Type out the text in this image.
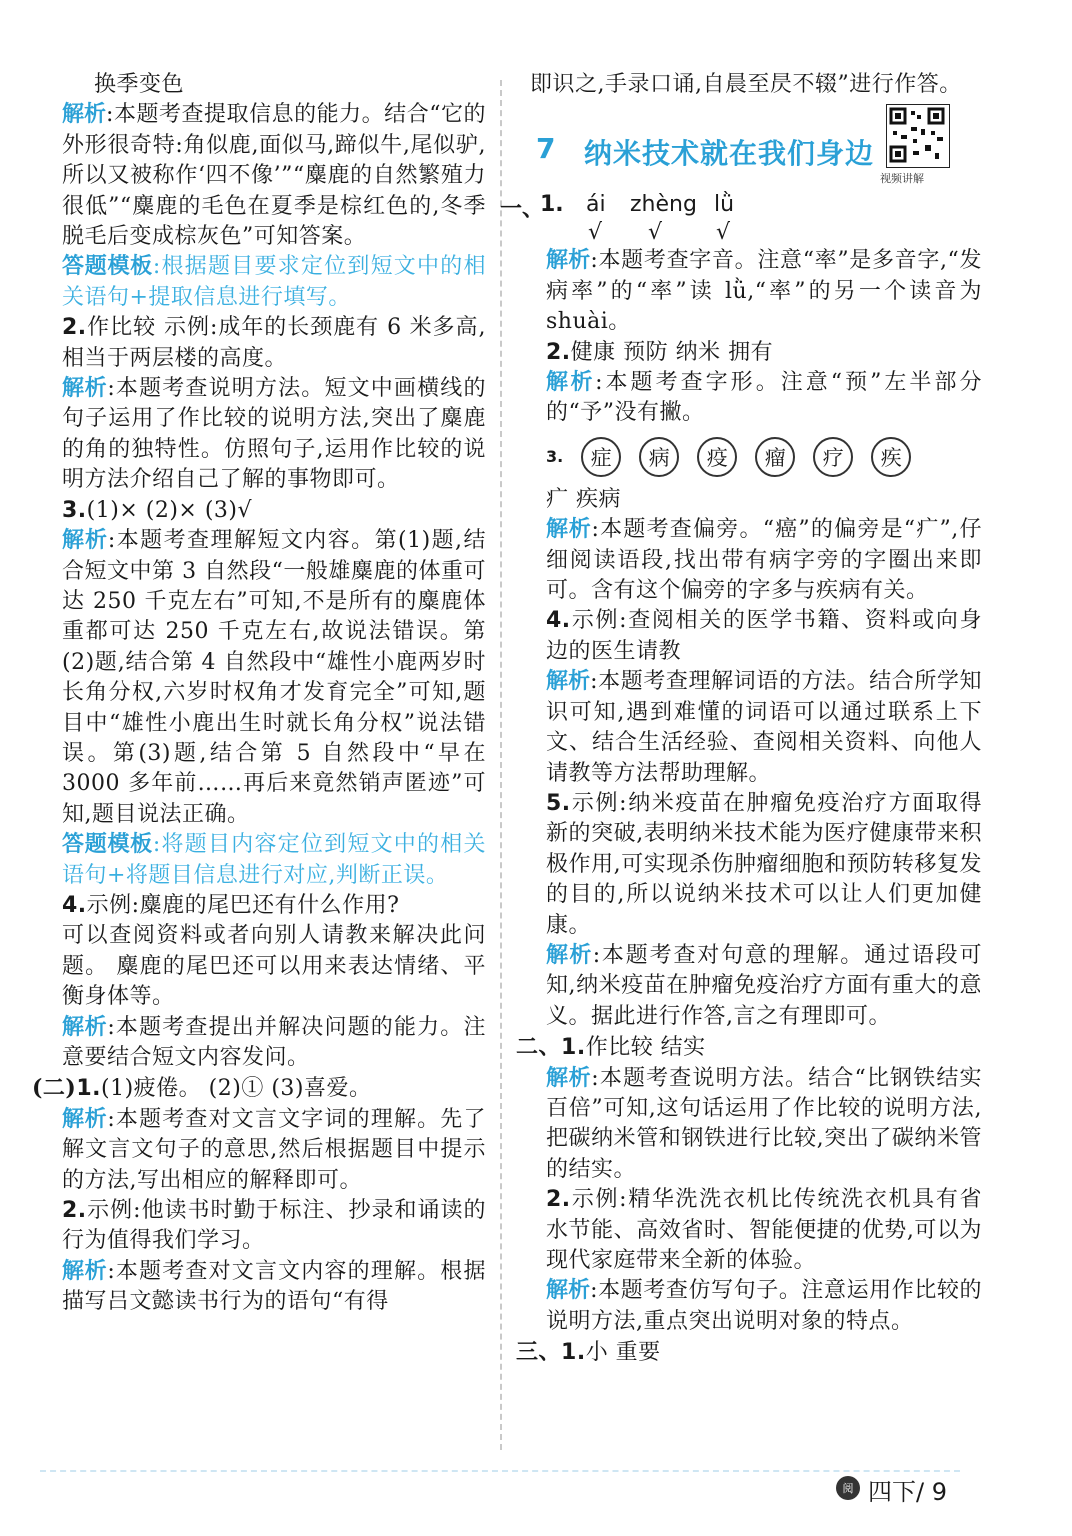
换季变色

解析:本题考查提取信息的能力。结合“它的外形很奇特:角似鹿,面似马,蹄似牛,尾似驴,所以又被称作‘四不像’”“麋鹿的自然繁殖力很低”“麋鹿的毛色在夏季是棕红色的,冬季脱毛后变成棕灰色”可知答案。

答题模板:根据题目要求定位到短文中的相关语句+提取信息进行填写。

2.作比较 示例:成年的长颈鹿有 6 米多高,相当于两层楼的高度。

解析:本题考查说明方法。短文中画横线的句子运用了作比较的说明方法,突出了麋鹿的角的独特性。仿照句子,运用作比较的说明方法介绍自己了解的事物即可。

3.(1)× (2)× (3)√

解析:本题考查理解短文内容。第(1)题,结合短文中第 3 自然段“一般雄麋鹿的体重可达 250 千克左右”可知,不是所有的麋鹿体重都可达 250 千克左右,故说法错误。第(2)题,结合第 4 自然段中“雄性小鹿两岁时长角分权,六岁时权角才发育完全”可知,题目中“雄性小鹿出生时就长角分权”说法错误。第(3)题,结合第 5 自然段中“早在 3000 多年前……再后来竟然销声匿迹”可知,题目说法正确。

答题模板:将题目内容定位到短文中的相关语句+将题目信息进行对应,判断正误。

4.示例:麋鹿的尾巴还有什么作用?

可以查阅资料或者向别人请教来解决此问题。 麋鹿的尾巴还可以用来表达情绪、平衡身体等。

解析:本题考查提出并解决问题的能力。注意要结合短文内容发问。

(二)1.(1)疲倦。 (2)① (3)喜爱。

解析:本题考查对文言文字词的理解。先了解文言文句子的意思,然后根据题目中提示的方法,写出相应的解释即可。

2.示例:他读书时勤于标注、抄录和诵读的行为值得我们学习。

解析:本题考查对文言文内容的理解。根据描写吕文懿读书行为的语句“有得

即识之,手录口诵,自晨至昃不辍”进行作答。

7 纳米技术就在我们身边
视频讲解
一、
1. ái zhèng lǜ
√ √ √

解析:本题考查字音。注意“率”是多音字,“发病率”的“率”读 lǜ,“率”的另一个读音为 shuài。

2.健康 预防 纳米 拥有

解析:本题考查字形。注意“预”左半部分的“予”没有撇。

3.	症	病	疫	瘤	疗	疾

疒 疾病

解析:本题考查偏旁。“癌”的偏旁是“疒”,仔细阅读语段,找出带有病字旁的字圈出来即可。含有这个偏旁的字多与疾病有关。

4.示例:查阅相关的医学书籍、资料或向身边的医生请教

解析:本题考查理解词语的方法。结合所学知识可知,遇到难懂的词语可以通过联系上下文、结合生活经验、查阅相关资料、向他人请教等方法帮助理解。

5.示例:纳米疫苗在肿瘤免疫治疗方面取得新的突破,表明纳米技术能为医疗健康带来积极作用,可实现杀伤肿瘤细胞和预防转移复发的目的,所以说纳米技术可以让人们更加健康。

解析:本题考查对句意的理解。通过语段可知,纳米疫苗在肿瘤免疫治疗方面有重大的意义。据此进行作答,言之有理即可。

二、1.作比较 结实

解析:本题考查说明方法。结合“比钢铁结实百倍”可知,这句话运用了作比较的说明方法,把碳纳米管和钢铁进行比较,突出了碳纳米管的结实。

2.示例:精华洗洗衣机比传统洗衣机具有省水节能、高效省时、智能便捷的优势,可以为现代家庭带来全新的体验。

解析:本题考查仿写句子。注意运用作比较的说明方法,重点突出说明对象的特点。

三、1.小 重要

阅 四下/ 9
